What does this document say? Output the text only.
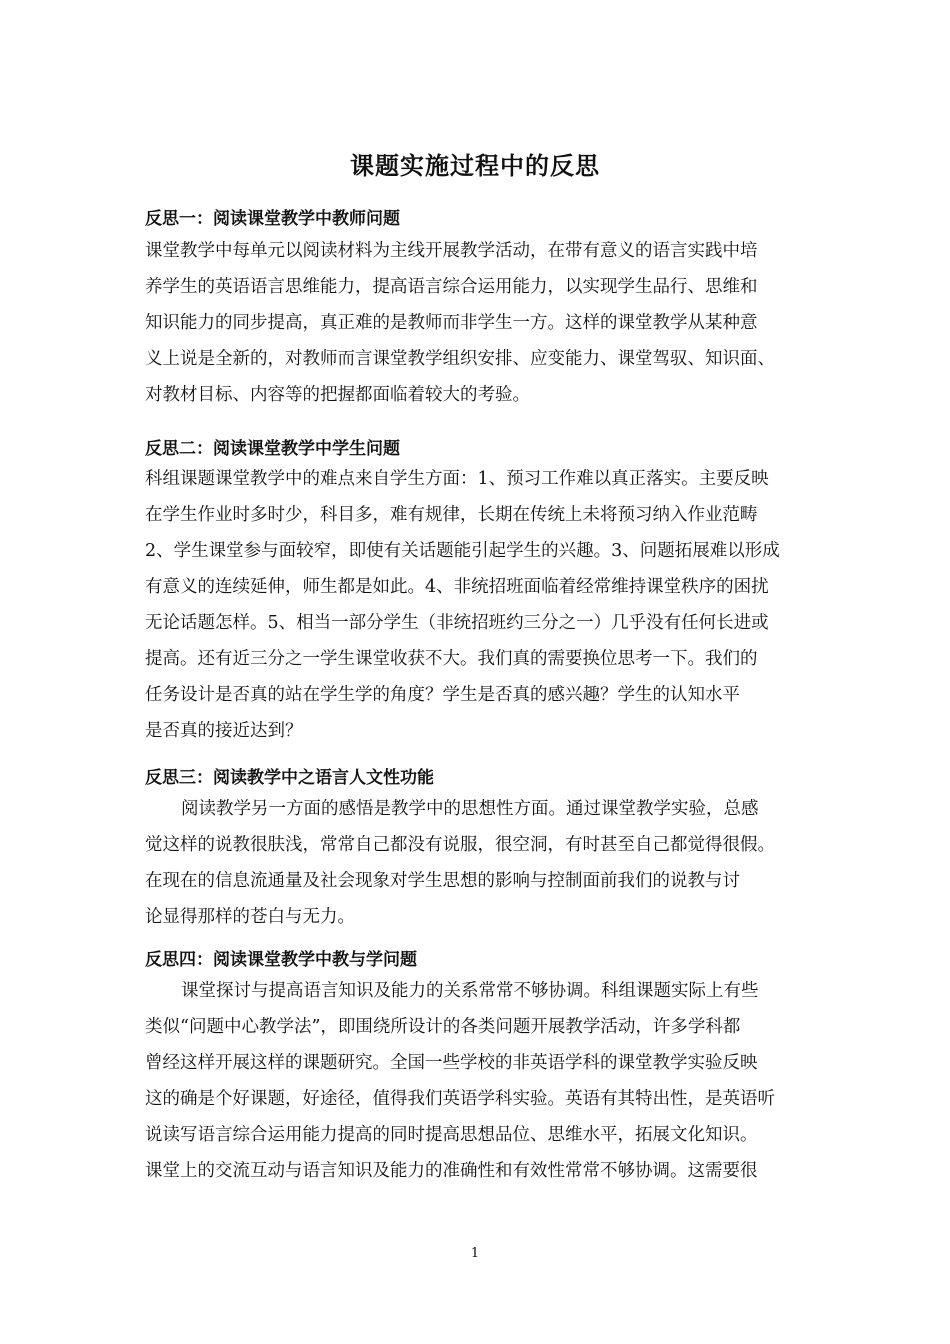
课题实施过程中的反思
反思一：阅读课堂教学中教师问题
课堂教学中每单元以阅读材料为主线开展教学活动，在带有意义的语言实践中培
养学生的英语语言思维能力，提高语言综合运用能力，以实现学生品行、思维和
知识能力的同步提高，真正难的是教师而非学生一方。这样的课堂教学从某种意
义上说是全新的，对教师而言课堂教学组织安排、应变能力、课堂驾驭、知识面、
对教材目标、内容等的把握都面临着较大的考验。
反思二：阅读课堂教学中学生问题
科组课题课堂教学中的难点来自学生方面：1、预习工作难以真正落实。主要反映
在学生作业时多时少，科目多，难有规律，长期在传统上未将预习纳入作业范畴
2、学生课堂参与面较窄，即使有关话题能引起学生的兴趣。3、问题拓展难以形成
有意义的连续延伸，师生都是如此。4、非统招班面临着经常维持课堂秩序的困扰
无论话题怎样。5、相当一部分学生（非统招班约三分之一）几乎没有任何长进或
提高。还有近三分之一学生课堂收获不大。我们真的需要换位思考一下。我们的
任务设计是否真的站在学生学的角度？学生是否真的感兴趣？学生的认知水平
是否真的接近达到？
反思三：阅读教学中之语言人文性功能
阅读教学另一方面的感悟是教学中的思想性方面。通过课堂教学实验，总感
觉这样的说教很肤浅，常常自己都没有说服，很空洞，有时甚至自己都觉得很假。
在现在的信息流通量及社会现象对学生思想的影响与控制面前我们的说教与讨
论显得那样的苍白与无力。
反思四：阅读课堂教学中教与学问题
课堂探讨与提高语言知识及能力的关系常常不够协调。科组课题实际上有些
类似“问题中心教学法”，即围绕所设计的各类问题开展教学活动，许多学科都
曾经这样开展这样的课题研究。全国一些学校的非英语学科的课堂教学实验反映
这的确是个好课题，好途径，值得我们英语学科实验。英语有其特出性，是英语听
说读写语言综合运用能力提高的同时提高思想品位、思维水平，拓展文化知识。
课堂上的交流互动与语言知识及能力的准确性和有效性常常不够协调。这需要很
1
